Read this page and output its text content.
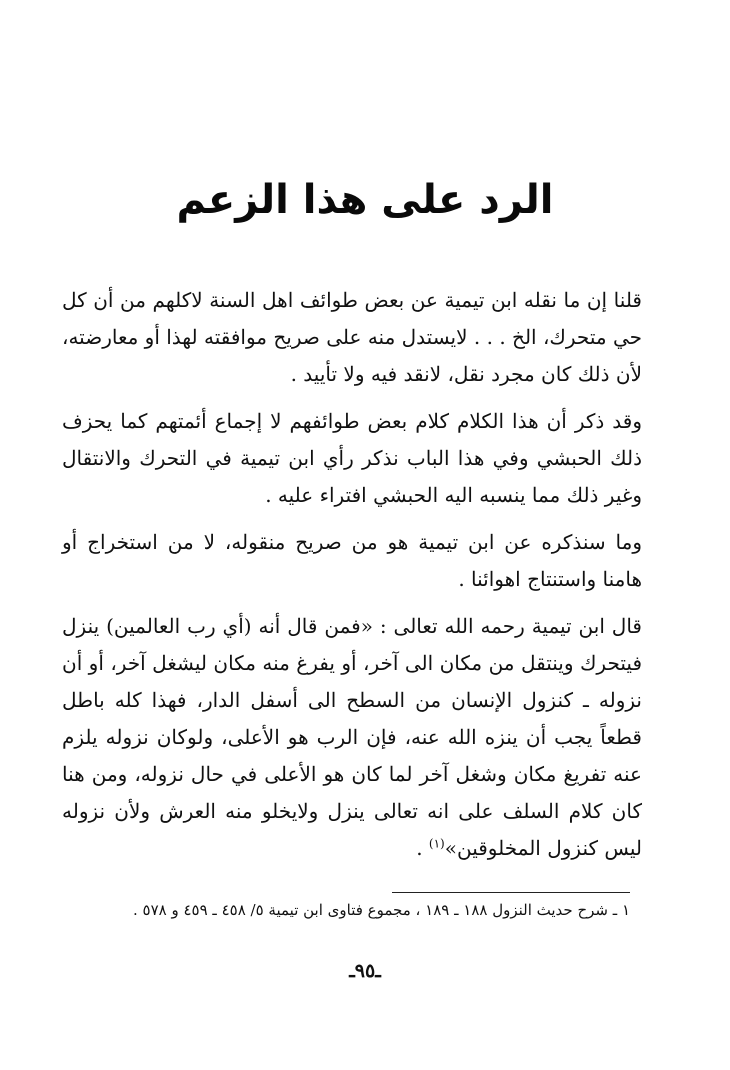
الرد على هذا الزعم

قلنا إن ما نقله ابن تيمية عن بعض طوائف اهل السنة لاكلهم من أن كل حي متحرك، الخ . . . لايستدل منه على صريح موافقته لهذا أو معارضته، لأن ذلك كان مجرد نقل، لانقد فيه ولا تأييد .

وقد ذكر أن هذا الكلام كلام بعض طوائفهم لا إجماع أئمتهم كما يحزف ذلك الحبشي وفي هذا الباب نذكر رأي ابن تيمية في التحرك والانتقال وغير ذلك مما ينسبه اليه الحبشي افتراء عليه .

وما سنذكره عن ابن تيمية هو من صريح منقوله، لا من استخراج أو هامنا واستنتاج اهوائنا .

قال ابن تيمية رحمه الله تعالى : «فمن قال أنه (أي رب العالمين) ينزل فيتحرك وينتقل من مكان الى آخر، أو يفرغ منه مكان ليشغل آخر، أو أن نزوله ـ كنزول الإنسان من السطح الى أسفل الدار، فهذا كله باطل قطعاً يجب أن ينزه الله عنه، فإن الرب هو الأعلى، ولوكان نزوله يلزم عنه تفريغ مكان وشغل آخر لما كان هو الأعلى في حال نزوله، ومن هنا كان كلام السلف على انه تعالى ينزل ولايخلو منه العرش ولأن نزوله ليس كنزول المخلوقين»$^{(١)}$ .

١ ـ شرح حديث النزول ١٨٨ ـ ١٨٩ ، مجموع فتاوى ابن تيمية ٥/ ٤٥٨ ـ ٤٥٩ و ٥٧٨ .
ـ٩٥ـ
